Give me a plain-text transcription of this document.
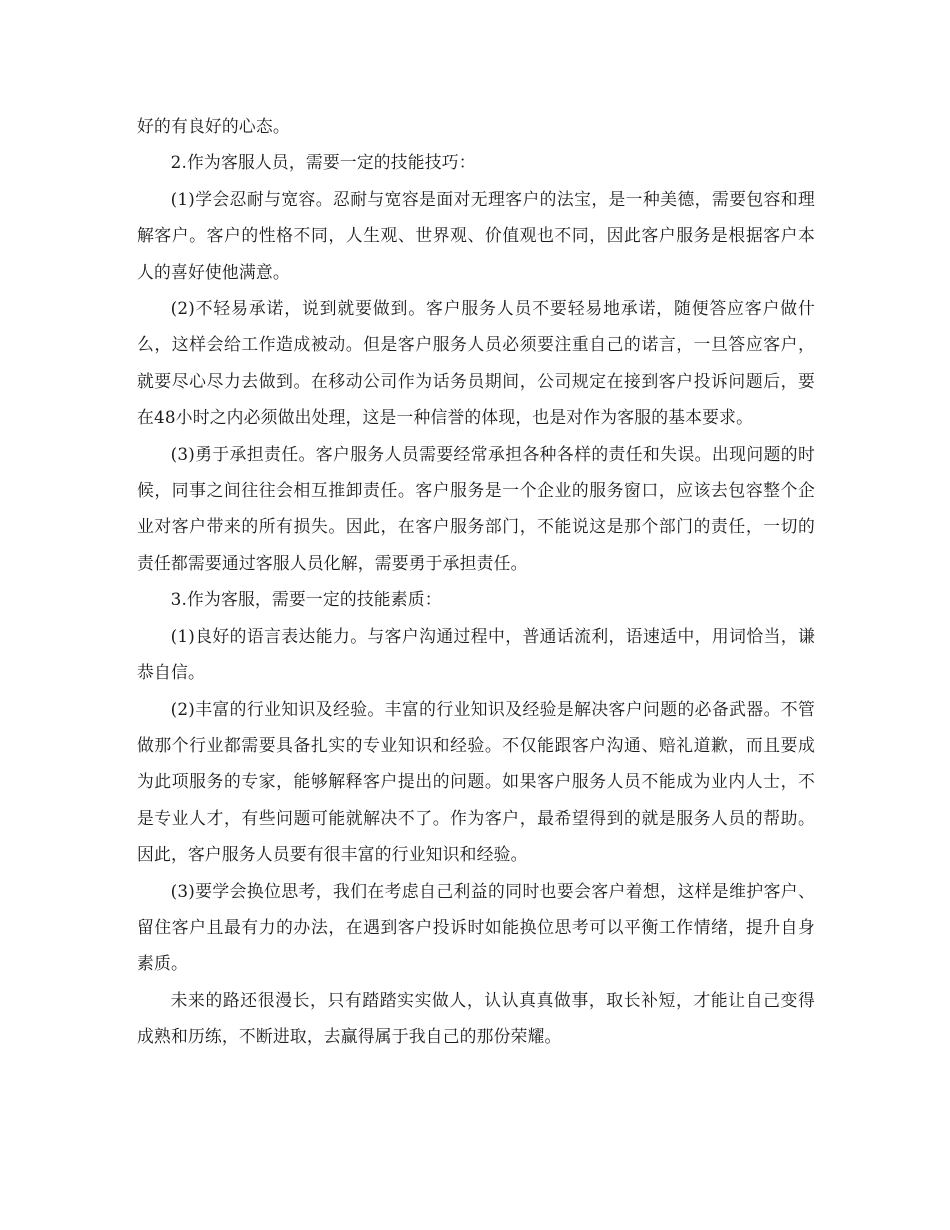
好的有良好的心态。

2.作为客服人员，需要一定的技能技巧：

(1)学会忍耐与宽容。忍耐与宽容是面对无理客户的法宝，是一种美德，需要包容和理解客户。客户的性格不同，人生观、世界观、价值观也不同，因此客户服务是根据客户本人的喜好使他满意。

(2)不轻易承诺，说到就要做到。客户服务人员不要轻易地承诺，随便答应客户做什么，这样会给工作造成被动。但是客户服务人员必须要注重自己的诺言，一旦答应客户，就要尽心尽力去做到。在移动公司作为话务员期间，公司规定在接到客户投诉问题后，要在48小时之内必须做出处理，这是一种信誉的体现，也是对作为客服的基本要求。

(3)勇于承担责任。客户服务人员需要经常承担各种各样的责任和失误。出现问题的时候，同事之间往往会相互推卸责任。客户服务是一个企业的服务窗口，应该去包容整个企业对客户带来的所有损失。因此，在客户服务部门，不能说这是那个部门的责任，一切的责任都需要通过客服人员化解，需要勇于承担责任。

3.作为客服，需要一定的技能素质：

(1)良好的语言表达能力。与客户沟通过程中，普通话流利，语速适中，用词恰当，谦恭自信。

(2)丰富的行业知识及经验。丰富的行业知识及经验是解决客户问题的必备武器。不管做那个行业都需要具备扎实的专业知识和经验。不仅能跟客户沟通、赔礼道歉，而且要成为此项服务的专家，能够解释客户提出的问题。如果客户服务人员不能成为业内人士，不是专业人才，有些问题可能就解决不了。作为客户，最希望得到的就是服务人员的帮助。因此，客户服务人员要有很丰富的行业知识和经验。

(3)要学会换位思考，我们在考虑自己利益的同时也要会客户着想，这样是维护客户、留住客户且最有力的办法，在遇到客户投诉时如能换位思考可以平衡工作情绪，提升自身素质。

未来的路还很漫长，只有踏踏实实做人，认认真真做事，取长补短，才能让自己变得成熟和历练，不断进取，去赢得属于我自己的那份荣耀。
